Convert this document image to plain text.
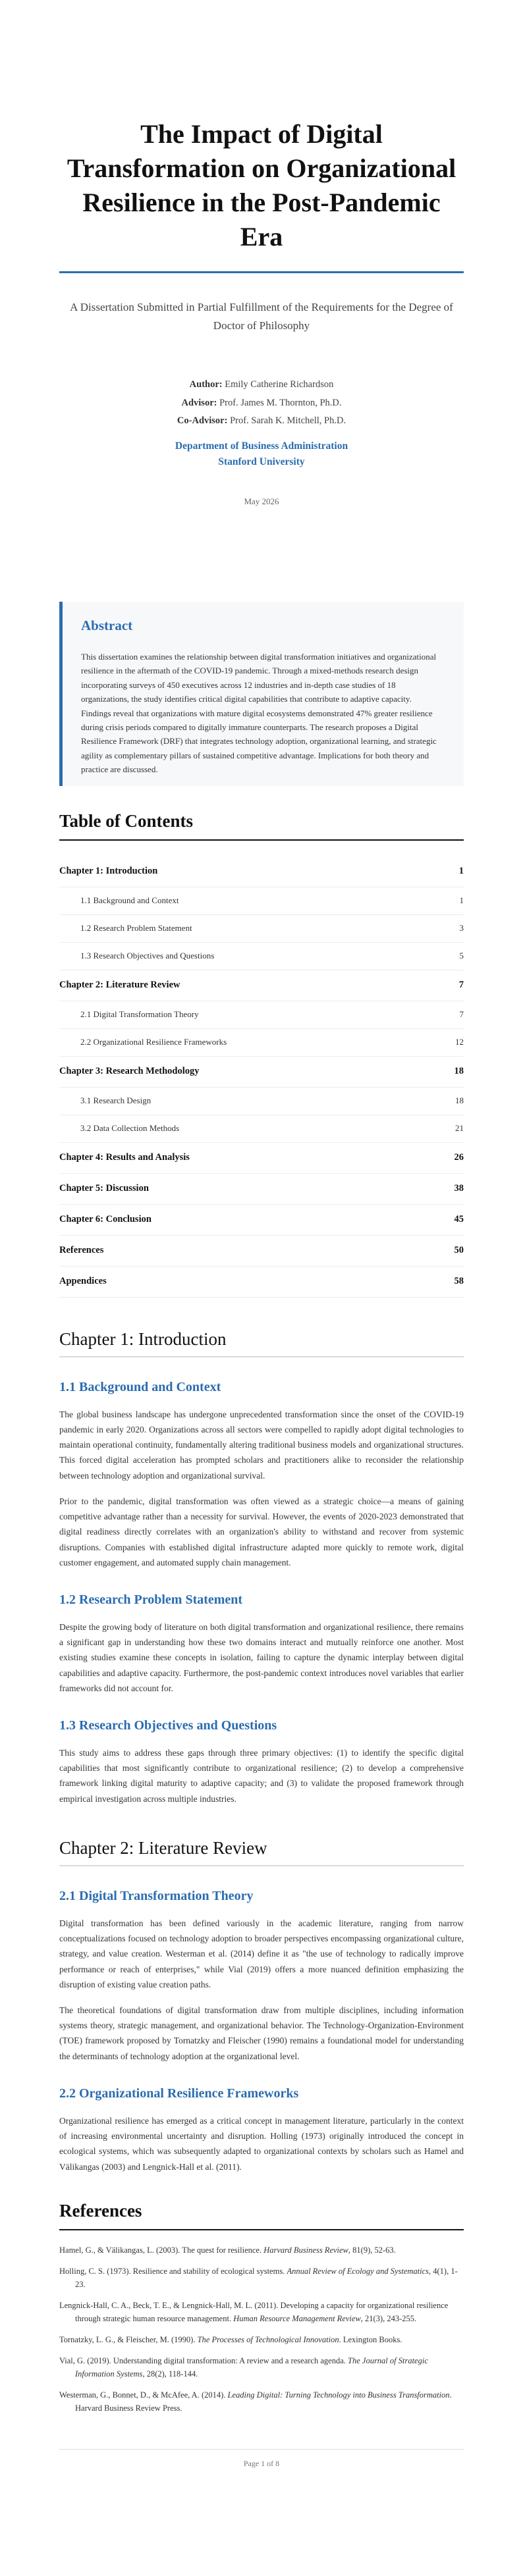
The Impact of Digital Transformation on Organizational Resilience in the Post-Pandemic Era
A Dissertation Submitted in Partial Fulfillment of the Requirements for the Degree of Doctor of Philosophy
Author: Emily Catherine Richardson
Advisor: Prof. James M. Thornton, Ph.D.
Co-Advisor: Prof. Sarah K. Mitchell, Ph.D.
Department of Business Administration
Stanford University
May 2026
Abstract

This dissertation examines the relationship between digital transformation initiatives and organizational resilience in the aftermath of the COVID-19 pandemic. Through a mixed-methods research design incorporating surveys of 450 executives across 12 industries and in-depth case studies of 18 organizations, the study identifies critical digital capabilities that contribute to adaptive capacity. Findings reveal that organizations with mature digital ecosystems demonstrated 47% greater resilience during crisis periods compared to digitally immature counterparts. The research proposes a Digital Resilience Framework (DRF) that integrates technology adoption, organizational learning, and strategic agility as complementary pillars of sustained competitive advantage. Implications for both theory and practice are discussed.

Table of Contents
Chapter 1: Introduction	1
1.1 Background and Context	1
1.2 Research Problem Statement	3
1.3 Research Objectives and Questions	5
Chapter 2: Literature Review	7
2.1 Digital Transformation Theory	7
2.2 Organizational Resilience Frameworks	12
Chapter 3: Research Methodology	18
3.1 Research Design	18
3.2 Data Collection Methods	21
Chapter 4: Results and Analysis	26
Chapter 5: Discussion	38
Chapter 6: Conclusion	45
References	50
Appendices	58
Chapter 1: Introduction
1.1 Background and Context

The global business landscape has undergone unprecedented transformation since the onset of the COVID-19 pandemic in early 2020. Organizations across all sectors were compelled to rapidly adopt digital technologies to maintain operational continuity, fundamentally altering traditional business models and organizational structures. This forced digital acceleration has prompted scholars and practitioners alike to reconsider the relationship between technology adoption and organizational survival.

Prior to the pandemic, digital transformation was often viewed as a strategic choice—a means of gaining competitive advantage rather than a necessity for survival. However, the events of 2020-2023 demonstrated that digital readiness directly correlates with an organization's ability to withstand and recover from systemic disruptions. Companies with established digital infrastructure adapted more quickly to remote work, digital customer engagement, and automated supply chain management.

1.2 Research Problem Statement

Despite the growing body of literature on both digital transformation and organizational resilience, there remains a significant gap in understanding how these two domains interact and mutually reinforce one another. Most existing studies examine these concepts in isolation, failing to capture the dynamic interplay between digital capabilities and adaptive capacity. Furthermore, the post-pandemic context introduces novel variables that earlier frameworks did not account for.

1.3 Research Objectives and Questions

This study aims to address these gaps through three primary objectives: (1) to identify the specific digital capabilities that most significantly contribute to organizational resilience; (2) to develop a comprehensive framework linking digital maturity to adaptive capacity; and (3) to validate the proposed framework through empirical investigation across multiple industries.

Chapter 2: Literature Review
2.1 Digital Transformation Theory

Digital transformation has been defined variously in the academic literature, ranging from narrow conceptualizations focused on technology adoption to broader perspectives encompassing organizational culture, strategy, and value creation. Westerman et al. (2014) define it as "the use of technology to radically improve performance or reach of enterprises," while Vial (2019) offers a more nuanced definition emphasizing the disruption of existing value creation paths.

The theoretical foundations of digital transformation draw from multiple disciplines, including information systems theory, strategic management, and organizational behavior. The Technology-Organization-Environment (TOE) framework proposed by Tornatzky and Fleischer (1990) remains a foundational model for understanding the determinants of technology adoption at the organizational level.

2.2 Organizational Resilience Frameworks

Organizational resilience has emerged as a critical concept in management literature, particularly in the context of increasing environmental uncertainty and disruption. Holling (1973) originally introduced the concept in ecological systems, which was subsequently adapted to organizational contexts by scholars such as Hamel and Välikangas (2003) and Lengnick-Hall et al. (2011).

References
Hamel, G., & Välikangas, L. (2003). The quest for resilience. Harvard Business Review, 81(9), 52-63.
Holling, C. S. (1973). Resilience and stability of ecological systems. Annual Review of Ecology and Systematics, 4(1), 1-23.
Lengnick-Hall, C. A., Beck, T. E., & Lengnick-Hall, M. L. (2011). Developing a capacity for organizational resilience through strategic human resource management. Human Resource Management Review, 21(3), 243-255.
Tornatzky, L. G., & Fleischer, M. (1990). The Processes of Technological Innovation. Lexington Books.
Vial, G. (2019). Understanding digital transformation: A review and a research agenda. The Journal of Strategic Information Systems, 28(2), 118-144.
Westerman, G., Bonnet, D., & McAfee, A. (2014). Leading Digital: Turning Technology into Business Transformation. Harvard Business Review Press.
Page 1 of 8
